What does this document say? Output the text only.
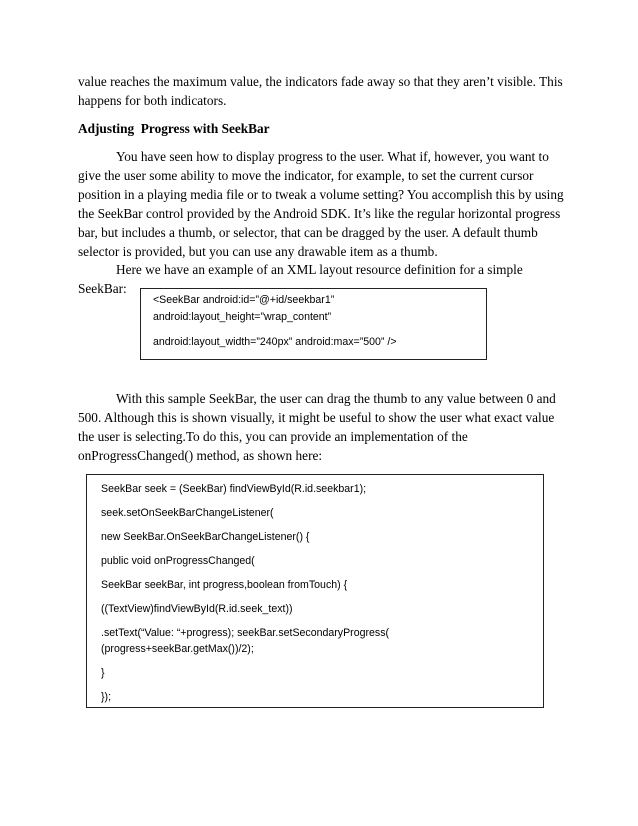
value reaches the maximum value, the indicators fade away so that they aren’t visible. This happens for both indicators.
Adjusting  Progress with SeekBar
You have seen how to display progress to the user. What if, however, you want to give the user some ability to move the indicator, for example, to set the current cursor position in a playing media file or to tweak a volume setting? You accomplish this by using the SeekBar control provided by the Android SDK. It’s like the regular horizontal progress bar, but includes a thumb, or selector, that can be dragged by the user. A default thumb selector is provided, but you can use any drawable item as a thumb.
Here we have an example of an XML layout resource definition for a simple SeekBar:
<SeekBar android:id=”@+id/seekbar1”
android:layout_height=”wrap_content”
android:layout_width=”240px” android:max=”500” />
With this sample SeekBar, the user can drag the thumb to any value between 0 and 500. Although this is shown visually, it might be useful to show the user what exact value the user is selecting.To do this, you can provide an implementation of the onProgressChanged() method, as shown here:
SeekBar seek = (SeekBar) findViewById(R.id.seekbar1);
seek.setOnSeekBarChangeListener(
new SeekBar.OnSeekBarChangeListener() {
public void onProgressChanged(
SeekBar seekBar, int progress,boolean fromTouch) {
((TextView)findViewById(R.id.seek_text))
.setText(“Value: “+progress); seekBar.setSecondaryProgress(
(progress+seekBar.getMax())/2);
}
});
